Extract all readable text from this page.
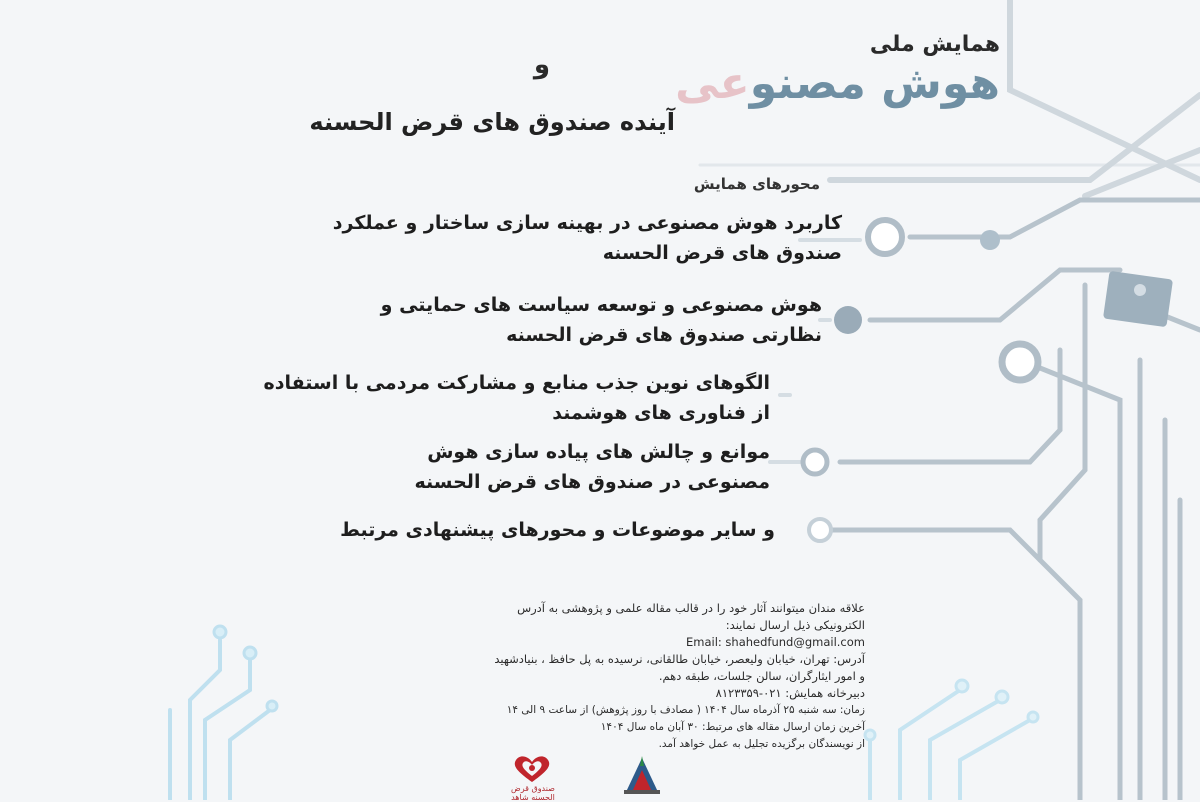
همایش ملی
هوش مصنوعی
و
آینده صندوق های قرض الحسنه
محورهای همایش
کاربرد هوش مصنوعی در بهینه سازی ساختار و عملکرد
صندوق های قرض الحسنه
هوش مصنوعی و توسعه سیاست های حمایتی و
نظارتی صندوق های قرض الحسنه
الگوهای نوین جذب منابع و مشارکت مردمی با استفاده
از فناوری های هوشمند
موانع و چالش های پیاده سازی هوش
مصنوعی در صندوق های قرض الحسنه
و سایر موضوعات و محورهای پیشنهادی مرتبط
علاقه مندان میتوانند آثار خود را در قالب مقاله علمی و پژوهشی به آدرس
الکترونیکی ذیل ارسال نمایند:
Email: shahedfund@gmail.com
آدرس: تهران، خیابان ولیعصر، خیابان طالقانی، نرسیده به پل حافظ ، بنیادشهید
و امور ایثارگران، سالن جلسات، طبقه دهم.
دبیرخانه همایش: ۰۲۱-۸۱۲۳۳۵۹
زمان: سه شنبه ۲۵ آذرماه سال ۱۴۰۴ ( مصادف با روز پژوهش) از ساعت ۹ الی ۱۴
آخرین زمان ارسال مقاله های مرتبط: ۳۰ آبان ماه سال ۱۴۰۴
از نویسندگان برگزیده تجلیل به عمل خواهد آمد.
صندوق قرض الحسنه شاهد
